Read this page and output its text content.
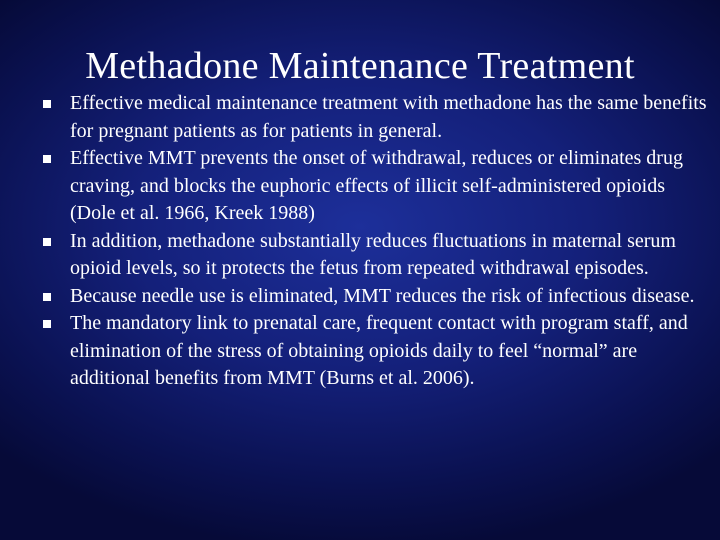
Methadone Maintenance Treatment
Effective medical maintenance treatment with methadone has the same benefits for pregnant patients as for patients in general.
Effective MMT prevents the onset of withdrawal, reduces or eliminates drug craving, and blocks the euphoric effects of illicit self-administered opioids (Dole et al. 1966, Kreek 1988)
In addition, methadone substantially reduces fluctuations in maternal serum opioid levels, so it protects the fetus from repeated withdrawal episodes.
Because needle use is eliminated, MMT reduces the risk of infectious disease.
The mandatory link to prenatal care, frequent contact with program staff, and elimination of the stress of obtaining opioids daily to feel “normal” are additional benefits from MMT (Burns et al. 2006).
